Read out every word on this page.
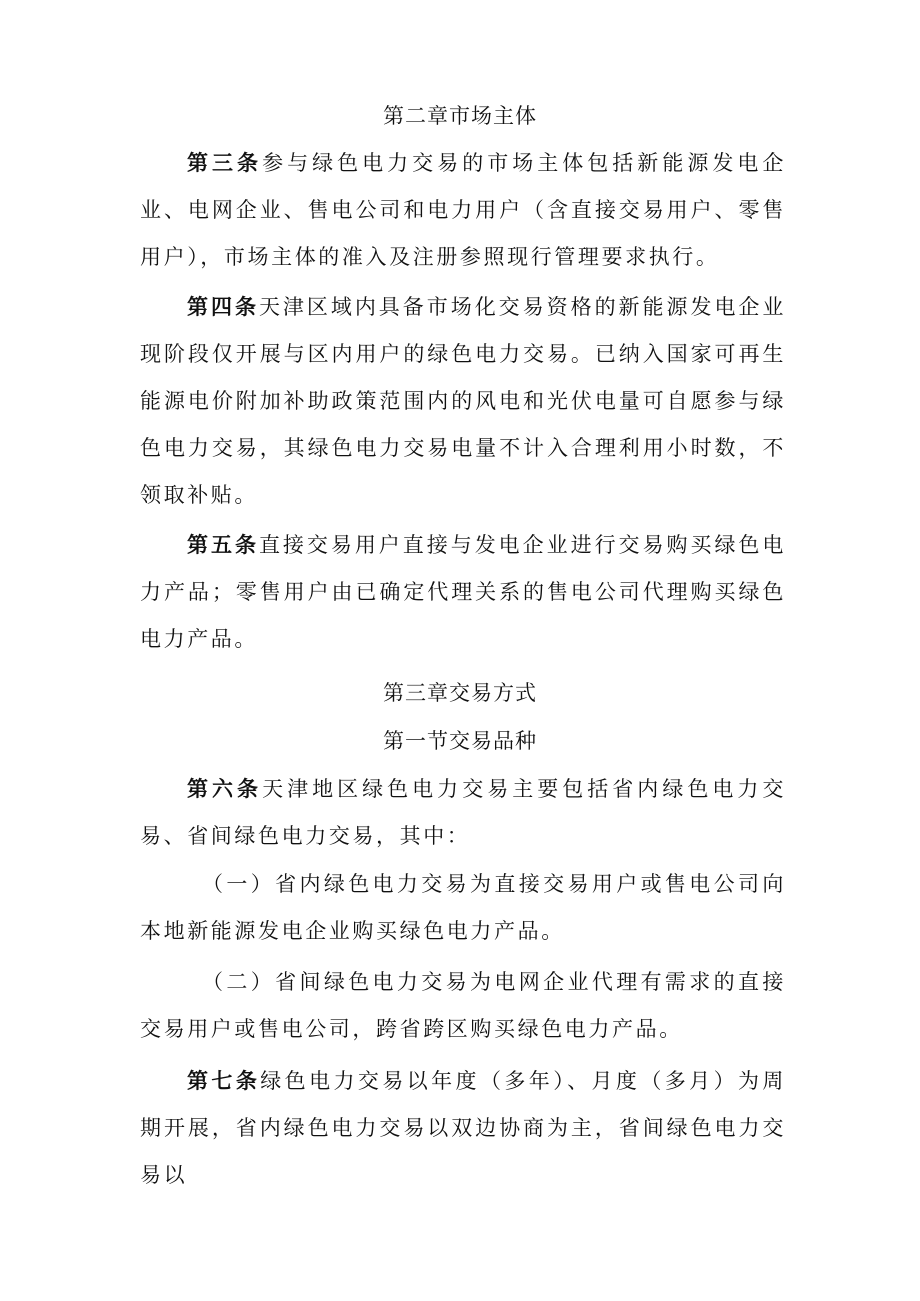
第二章市场主体

第三条参与绿色电力交易的市场主体包括新能源发电企业、电网企业、售电公司和电力用户（含直接交易用户、零售用户），市场主体的准入及注册参照现行管理要求执行。

第四条天津区域内具备市场化交易资格的新能源发电企业现阶段仅开展与区内用户的绿色电力交易。已纳入国家可再生能源电价附加补助政策范围内的风电和光伏电量可自愿参与绿色电力交易，其绿色电力交易电量不计入合理利用小时数，不领取补贴。

第五条直接交易用户直接与发电企业进行交易购买绿色电力产品；零售用户由已确定代理关系的售电公司代理购买绿色电力产品。

第三章交易方式
第一节交易品种

第六条天津地区绿色电力交易主要包括省内绿色电力交易、省间绿色电力交易，其中：

（一）省内绿色电力交易为直接交易用户或售电公司向本地新能源发电企业购买绿色电力产品。

（二）省间绿色电力交易为电网企业代理有需求的直接交易用户或售电公司，跨省跨区购买绿色电力产品。

第七条绿色电力交易以年度（多年）、月度（多月）为周期开展，省内绿色电力交易以双边协商为主，省间绿色电力交易以
